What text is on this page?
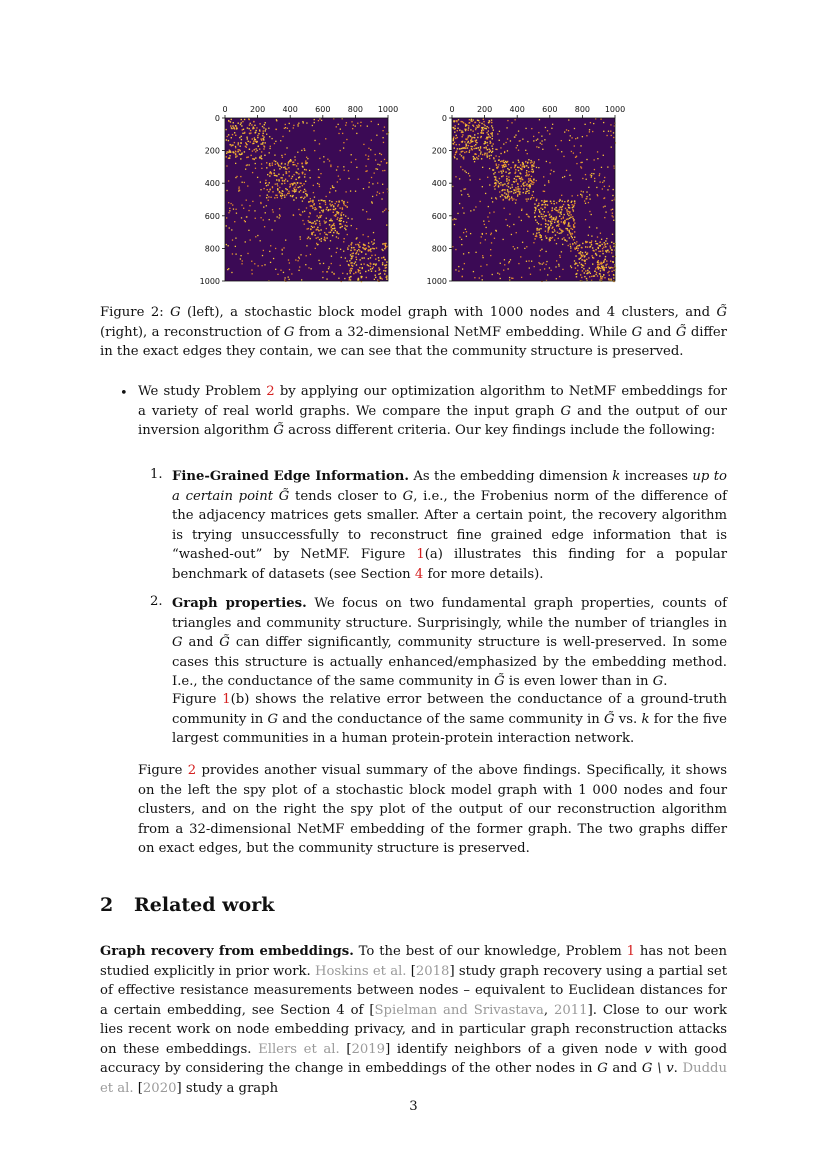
0	200 400 600 800 1000
0
200
400
600
800
1000
0	200 400 600 800 1000
0
200
400
600
800
1000
Figure 2: G (left), a stochastic block model graph with 1000 nodes and 4 clusters, and G̃ (right), a reconstruction of G from a 32-dimensional NetMF embedding. While G and G̃ differ in the exact edges they contain, we can see that the community structure is preserved.
• We study Problem 2 by applying our optimization algorithm to NetMF embeddings for a variety of real world graphs. We compare the input graph G and the output of our inversion algorithm G̃ across different criteria. Our key findings include the following:
1. Fine-Grained Edge Information. As the embedding dimension k increases up to a certain point G̃ tends closer to G, i.e., the Frobenius norm of the difference of the adjacency matrices gets smaller. After a certain point, the recovery algorithm is trying unsuccessfully to reconstruct fine grained edge information that is “washed-out” by NetMF. Figure 1(a) illustrates this finding for a popular benchmark of datasets (see Section 4 for more details).
2. Graph properties. We focus on two fundamental graph properties, counts of triangles and community structure. Surprisingly, while the number of triangles in G and G̃ can differ significantly, community structure is well-preserved. In some cases this structure is actually enhanced/emphasized by the embedding method. I.e., the conductance of the same community in G̃ is even lower than in G.
Figure 1(b) shows the relative error between the conductance of a ground-truth community in G and the conductance of the same community in G̃ vs. k for the five largest communities in a human protein-protein interaction network.
Figure 2 provides another visual summary of the above findings. Specifically, it shows on the left the spy plot of a stochastic block model graph with 1 000 nodes and four clusters, and on the right the spy plot of the output of our reconstruction algorithm from a 32-dimensional NetMF embedding of the former graph. The two graphs differ on exact edges, but the community structure is preserved.
2 Related work
Graph recovery from embeddings. To the best of our knowledge, Problem 1 has not been studied explicitly in prior work. Hoskins et al. [2018] study graph recovery using a partial set of effective resistance measurements between nodes – equivalent to Euclidean distances for a certain embedding, see Section 4 of [Spielman and Srivastava, 2011]. Close to our work lies recent work on node embedding privacy, and in particular graph reconstruction attacks on these embeddings. Ellers et al. [2019] identify neighbors of a given node v with good accuracy by considering the change in embeddings of the other nodes in G and G \ v. Duddu et al. [2020] study a graph
3
